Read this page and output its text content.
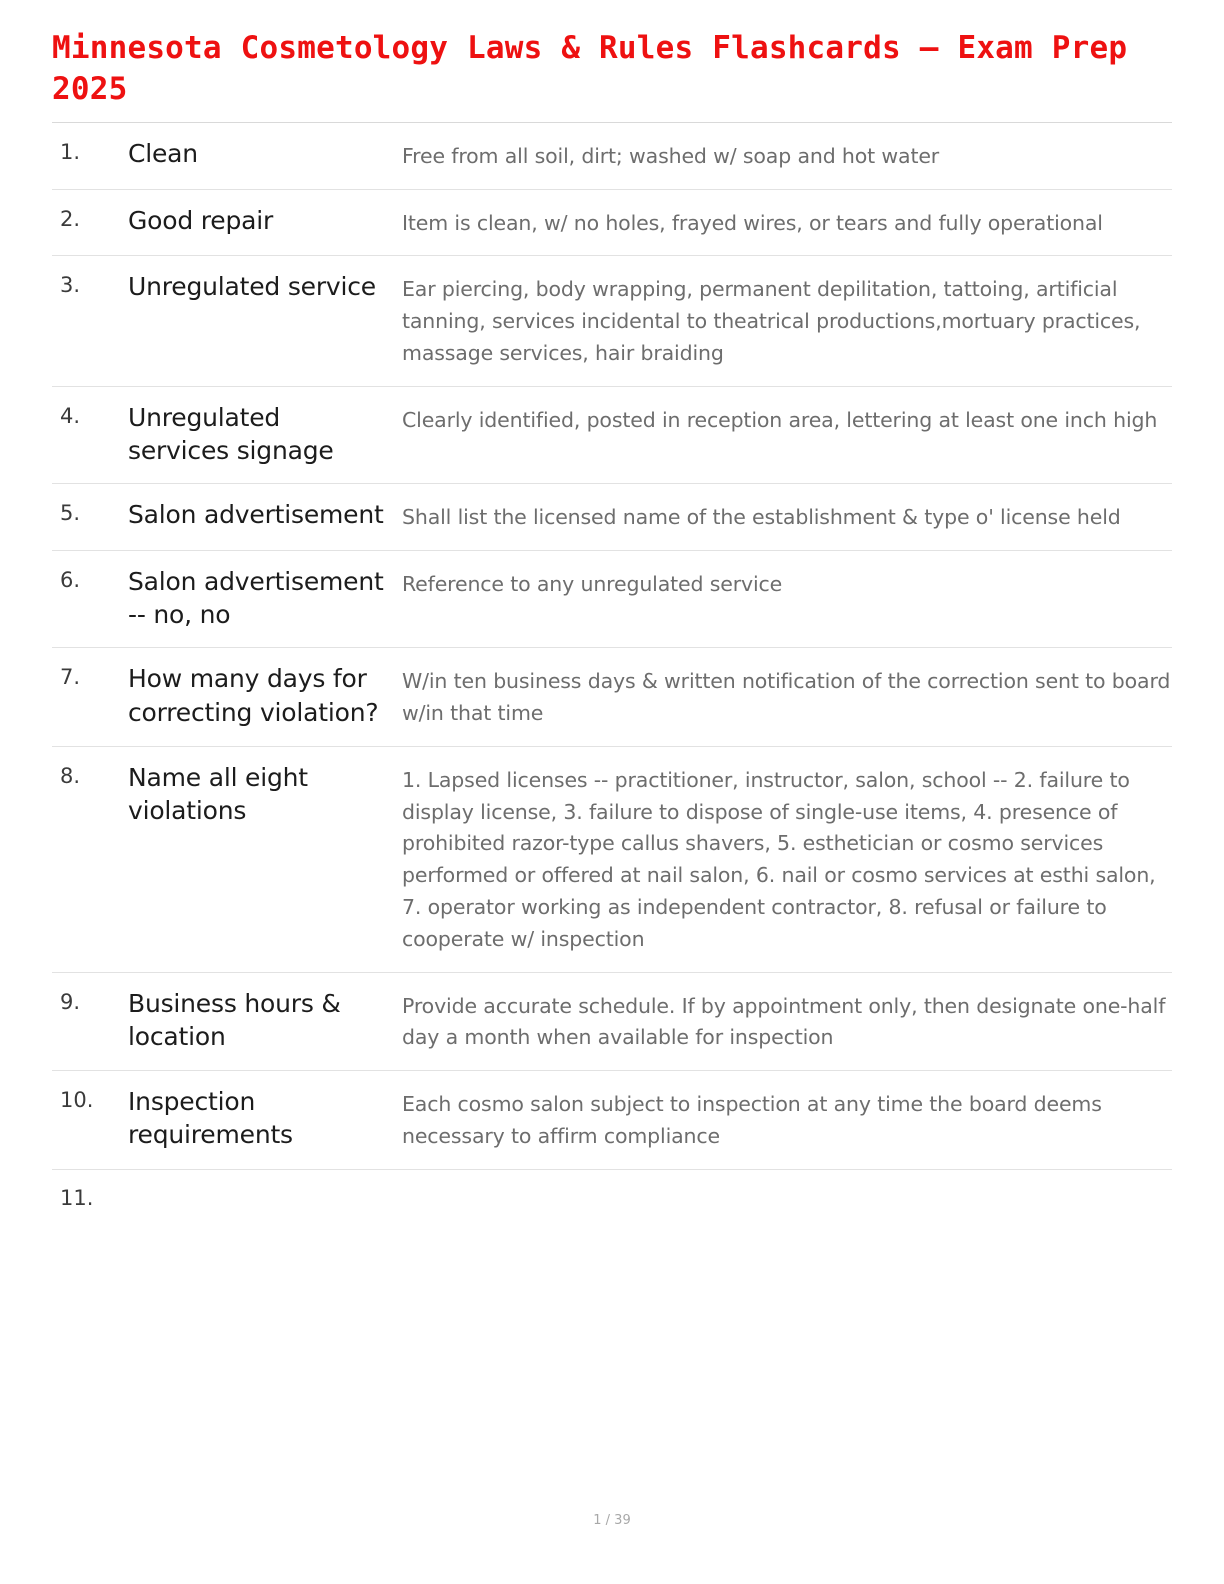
Minnesota Cosmetology Laws & Rules Flashcards — Exam Prep 2025
1.	Clean	Free from all soil, dirt; washed w/ soap and hot water
2.	Good repair	Item is clean, w/ no holes, frayed wires, or tears and fully operational
3.	Unregulated service	Ear piercing, body wrapping, permanent depilitation, tattoing, artificial tanning, services incidental to theatrical productions,mortuary practices, massage services, hair braiding
4.	Unregulated services signage	Clearly identified, posted in reception area, lettering at least one inch high
5.	Salon advertisement	Shall list the licensed name of the establishment & type o' license held
6.	Salon advertisement -- no, no	Reference to any unregulated service
7.	How many days for correcting violation?	W/in ten business days & written notification of the correction sent to board w/in that time
8.	Name all eight violations	1. Lapsed licenses -- practitioner, instructor, salon, school -- 2. failure to display license, 3. failure to dispose of single-use items, 4. presence of prohibited razor-type callus shavers, 5. esthetician or cosmo services performed or offered at nail salon, 6. nail or cosmo services at esthi salon, 7. operator working as independent contractor, 8. refusal or failure to cooperate w/ inspection
9.	Business hours & location	Provide accurate schedule. If by appointment only, then designate one-half day a month when available for inspection
10.	Inspection requirements	Each cosmo salon subject to inspection at any time the board deems necessary to affirm compliance
11.		
1 / 39
